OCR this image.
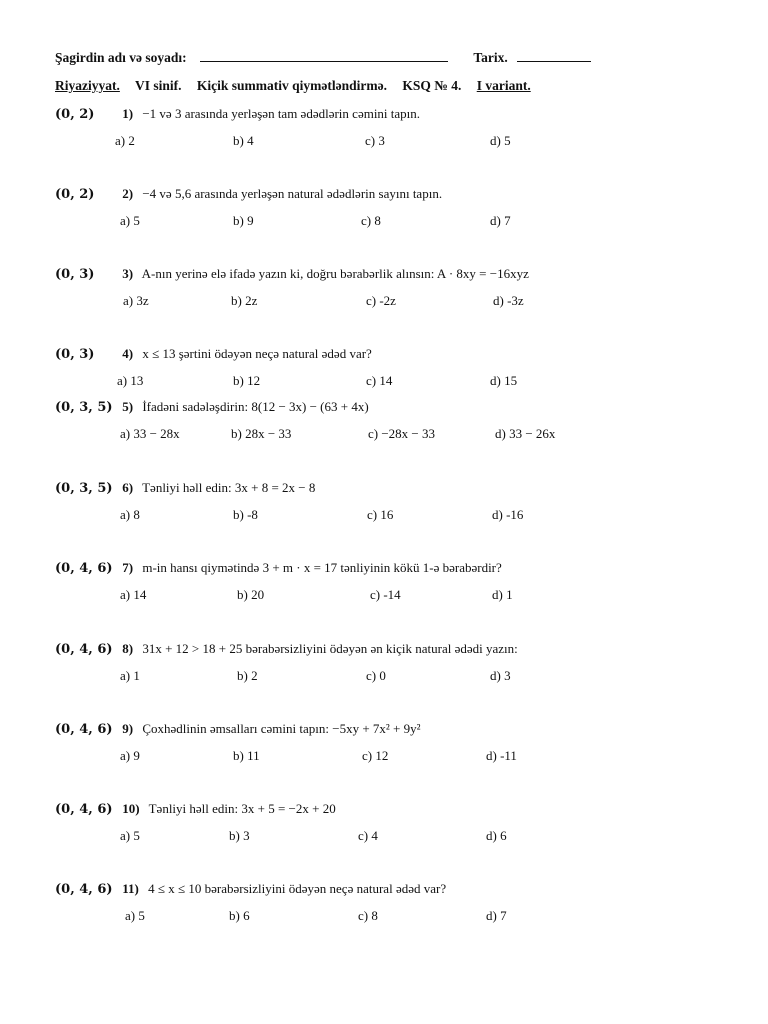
Şagirdin adı və soyadı:	Tarix.
Riyaziyyat. VI sinif. Kiçik summativ qiymətləndirmə. KSQ № 4. I variant.
(0, 2) 1) −1 və 3 arasında yerləşən tam ədədlərin cəmini tapın.
a) 2	b) 4	c) 3	d) 5
(0, 2) 2) −4 və 5,6 arasında yerləşən natural ədədlərin sayını tapın.
a) 5	b) 9	c) 8	d) 7
(0, 3) 3) A-nın yerinə elə ifadə yazın ki, doğru bərabərlik alınsın: A · 8xy = −16xyz
a) 3z	b) 2z	c) -2z	d) -3z
(0, 3) 4) x ≤ 13 şərtini ödəyən neçə natural ədəd var?
a) 13	b) 12	c) 14	d) 15
(0, 3, 5) 5) İfadəni sadələşdirin: 8(12 − 3x) − (63 + 4x)
a) 33 − 28x	b) 28x − 33	c) −28x − 33	d) 33 − 26x
(0, 3, 5) 6) Tənliyi həll edin: 3x + 8 = 2x − 8
a) 8	b) -8	c) 16	d) -16
(0, 4, 6) 7) m-in hansı qiymətində 3 + m · x = 17 tənliyinin kökü 1-ə bərabərdir?
a) 14	b) 20	c) -14	d) 1
(0, 4, 6) 8) 31x + 12 > 18 + 25 bərabərsizliyini ödəyən ən kiçik natural ədədi yazın:
a) 1	b) 2	c) 0	d) 3
(0, 4, 6) 9) Çoxhədlinin əmsalları cəmini tapın: −5xy + 7x² + 9y²
a) 9	b) 11	c) 12	d) -11
(0, 4, 6) 10) Tənliyi həll edin: 3x + 5 = −2x + 20
a) 5	b) 3	c) 4	d) 6
(0, 4, 6) 11) 4 ≤ x ≤ 10 bərabərsizliyini ödəyən neçə natural ədəd var?
a) 5	b) 6	c) 8	d) 7
